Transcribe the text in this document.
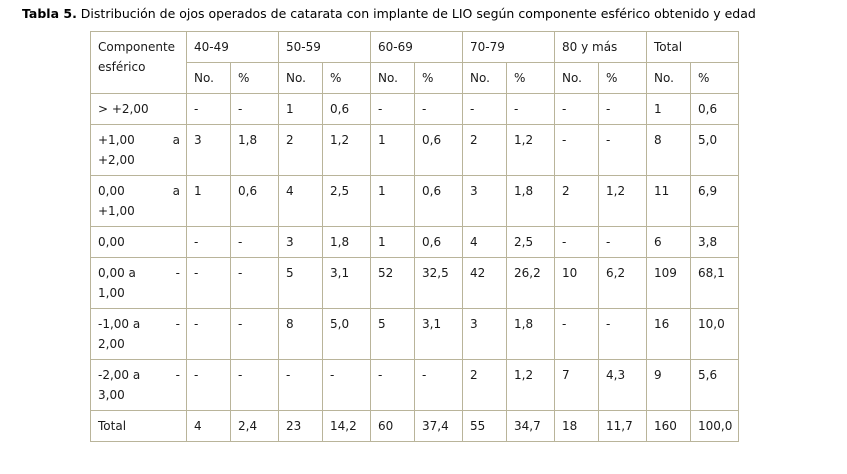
Tabla 5. Distribución de ojos operados de catarata con implante de LIO según componente esférico obtenido y edad
Componente
esférico	40-49		50-59		60-69		70-79		80 y más		Total	
	No.	%	No.	%	No.	%	No.	%	No.	%	No.	%

> +2,00	-	-	1	0,6	-	-	-	-	-	-	1	0,6

+1,00 a
+2,00	3	1,8	2	1,2	1	0,6	2	1,2	-	-	8	5,0

0,00 a
+1,00	1	0,6	4	2,5	1	0,6	3	1,8	2	1,2	11	6,9

0,00	-	-	3	1,8	1	0,6	4	2,5	-	-	6	3,8

0,00 a -
1,00	-	-	5	3,1	52	32,5	42	26,2	10	6,2	109	68,1

-1,00 a -
2,00	-	-	8	5,0	5	3,1	3	1,8	-	-	16	10,0

-2,00 a -
3,00	-	-	-	-	-	-	2	1,2	7	4,3	9	5,6

Total	4	2,4	23	14,2	60	37,4	55	34,7	18	11,7	160	100,0
